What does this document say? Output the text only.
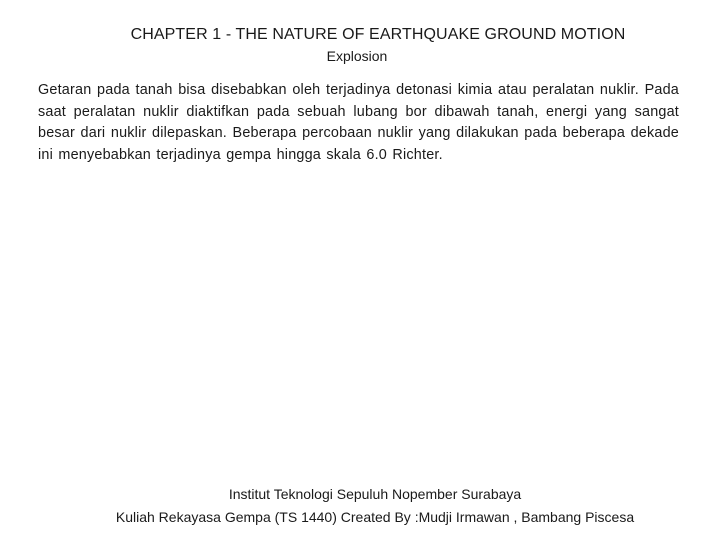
CHAPTER 1 - THE NATURE OF EARTHQUAKE GROUND MOTION
Explosion
Getaran pada tanah bisa disebabkan oleh terjadinya detonasi kimia atau peralatan nuklir. Pada saat peralatan nuklir diaktifkan pada sebuah lubang bor dibawah tanah, energi yang sangat besar dari nuklir dilepaskan. Beberapa percobaan nuklir yang dilakukan pada beberapa dekade ini menyebabkan terjadinya gempa hingga skala 6.0 Richter.
Institut Teknologi Sepuluh Nopember Surabaya
Kuliah Rekayasa Gempa (TS 1440) Created By :Mudji Irmawan , Bambang Piscesa
